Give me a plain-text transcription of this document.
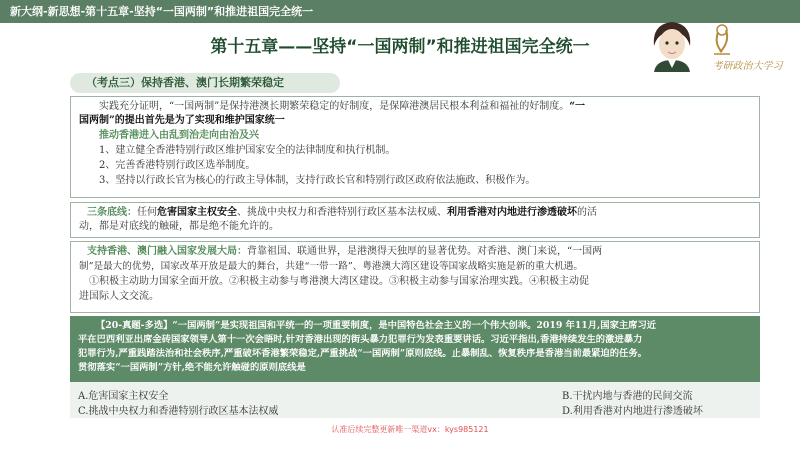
新大纲-新思想-第十五章-坚持“一国两制”和推进祖国完全统一
第十五章——坚持“一国两制”和推进祖国完全统一
考研政治大学习
（考点三）保持香港、澳门长期繁荣稳定
实践充分证明，“一国两制”是保持港澳长期繁荣稳定的好制度，是保障港澳居民根本利益和福祉的好制度。“一
国两制”的提出首先是为了实现和维护国家统一
推动香港进入由乱到治走向由治及兴
1、建立健全香港特别行政区维护国家安全的法律制度和执行机制。
2、完善香港特别行政区选举制度。
3、坚持以行政长官为核心的行政主导体制，支持行政长官和特别行政区政府依法施政、积极作为。
三条底线：任何危害国家主权安全、挑战中央权力和香港特别行政区基本法权威、利用香港对内地进行渗透破坏的活
动，都是对底线的触碰，都是绝不能允许的。
支持香港、澳门融入国家发展大局：背靠祖国、联通世界，是港澳得天独厚的显著优势。对香港、澳门来说，“一国两
制”是最大的优势，国家改革开放是最大的舞台，共建“一带一路”、粤港澳大湾区建设等国家战略实施是新的重大机遇。
①积极主动助力国家全面开放。②积极主动参与粤港澳大湾区建设。③积极主动参与国家治理实践。④积极主动促
进国际人文交流。
【20-真题-多选】“一国两制”是实现祖国和平统一的一项重要制度，是中国特色社会主义的一个伟大创举。2019 年11月,国家主席习近
平在巴西利亚出席金砖国家领导人第十一次会晤时,针对香港出现的街头暴力犯罪行为发表重要讲话。习近平指出,香港持续发生的激进暴力
犯罪行为,严重践踏法治和社会秩序,严重破坏香港繁荣稳定,严重挑战“一国两制”原则底线。止暴制乱、恢复秩序是香港当前最紧迫的任务。
贯彻落实“一国两制”方针,绝不能允许触碰的原则底线是
A.危害国家主权安全	B.干扰内地与香港的民间交流
C.挑战中央权力和香港特别行政区基本法权威	D.利用香港对内地进行渗透破坏
认准后续完整更新唯一渠道vx：kys985121
